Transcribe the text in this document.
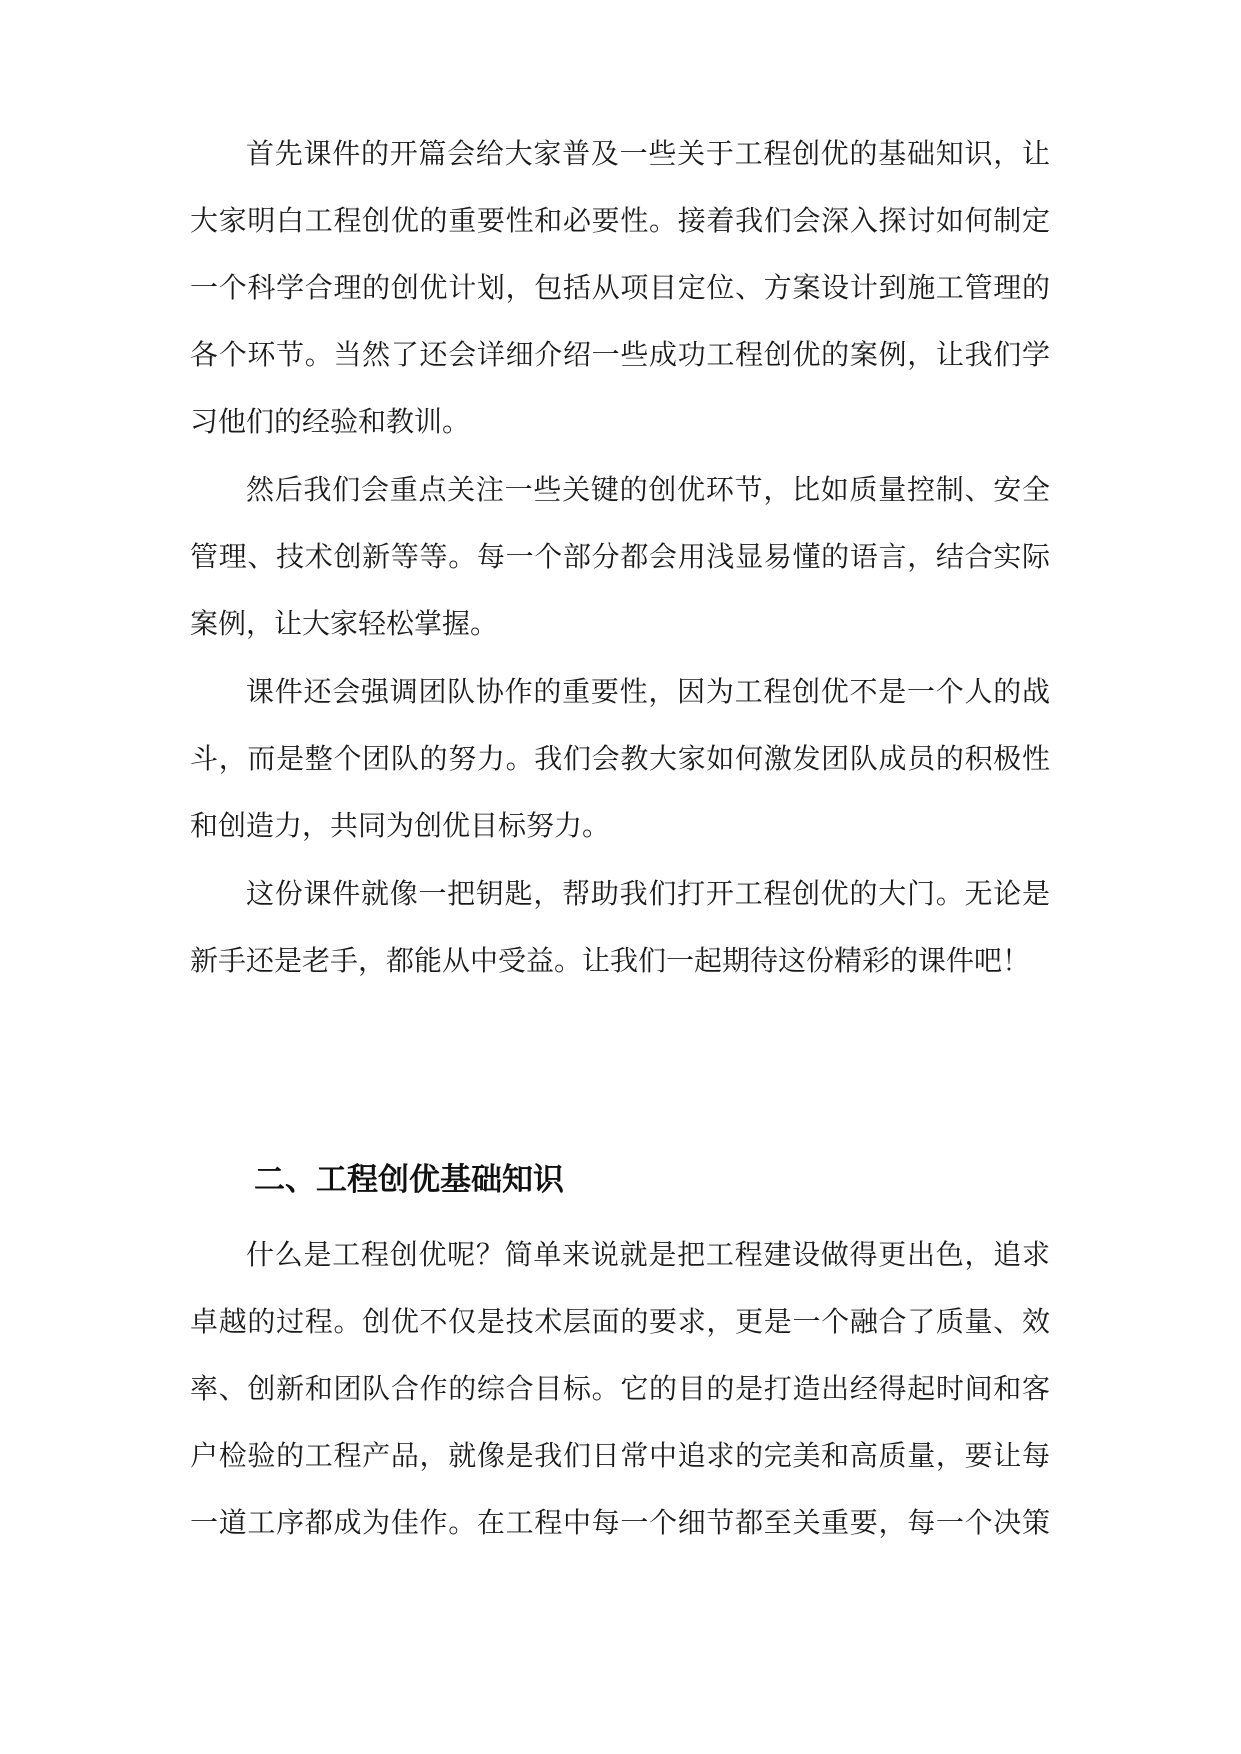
首先课件的开篇会给大家普及一些关于工程创优的基础知识，让
大家明白工程创优的重要性和必要性。接着我们会深入探讨如何制定
一个科学合理的创优计划，包括从项目定位、方案设计到施工管理的
各个环节。当然了还会详细介绍一些成功工程创优的案例，让我们学
习他们的经验和教训。
然后我们会重点关注一些关键的创优环节，比如质量控制、安全
管理、技术创新等等。每一个部分都会用浅显易懂的语言，结合实际
案例，让大家轻松掌握。
课件还会强调团队协作的重要性，因为工程创优不是一个人的战
斗，而是整个团队的努力。我们会教大家如何激发团队成员的积极性
和创造力，共同为创优目标努力。
这份课件就像一把钥匙，帮助我们打开工程创优的大门。无论是
新手还是老手，都能从中受益。让我们一起期待这份精彩的课件吧！
二、工程创优基础知识
什么是工程创优呢？简单来说就是把工程建设做得更出色，追求
卓越的过程。创优不仅是技术层面的要求，更是一个融合了质量、效
率、创新和团队合作的综合目标。它的目的是打造出经得起时间和客
户检验的工程产品，就像是我们日常中追求的完美和高质量，要让每
一道工序都成为佳作。在工程中每一个细节都至关重要，每一个决策
